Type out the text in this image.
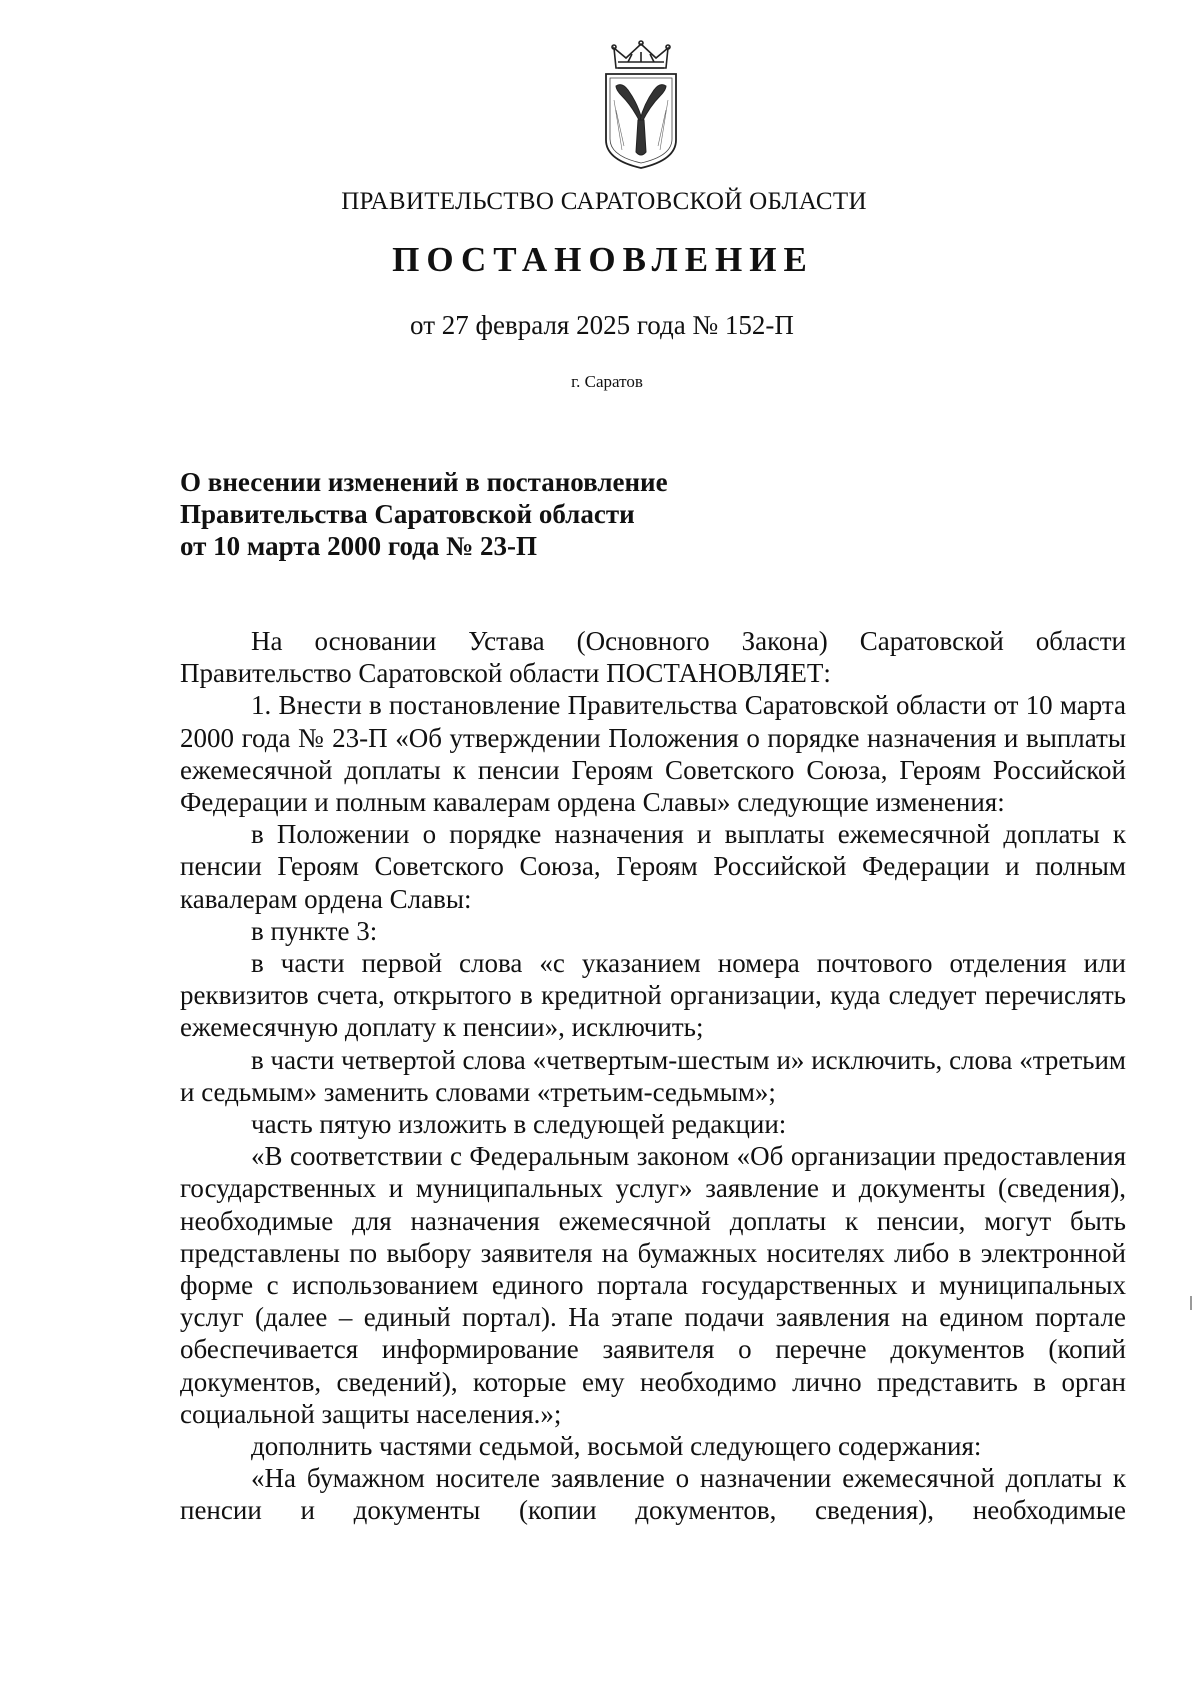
ПРАВИТЕЛЬСТВО САРАТОВСКОЙ ОБЛАСТИ
ПОСТАНОВЛЕНИЕ
от 27 февраля 2025 года № 152-П
г. Саратов
О внесении изменений в постановление
Правительства Саратовской области
от 10 марта 2000 года № 23-П

На основании Устава (Основного Закона) Саратовской области Правительство Саратовской области ПОСТАНОВЛЯЕТ:

1. Внести в постановление Правительства Саратовской области от 10 марта 2000 года № 23-П «Об утверждении Положения о порядке назначения и выплаты ежемесячной доплаты к пенсии Героям Советского Союза, Героям Российской Федерации и полным кавалерам ордена Славы» следующие изменения:

в Положении о порядке назначения и выплаты ежемесячной доплаты к пенсии Героям Советского Союза, Героям Российской Федерации и полным кавалерам ордена Славы:

в пункте 3:

в части первой слова «с указанием номера почтового отделения или реквизитов счета, открытого в кредитной организации, куда следует перечислять ежемесячную доплату к пенсии», исключить;

в части четвертой слова «четвертым-шестым и» исключить, слова «третьим и седьмым» заменить словами «третьим-седьмым»;

часть пятую изложить в следующей редакции:

«В соответствии с Федеральным законом «Об организации предоставления государственных и муниципальных услуг» заявление и документы (сведения), необходимые для назначения ежемесячной доплаты к пенсии, могут быть представлены по выбору заявителя на бумажных носителях либо в электронной форме с использованием единого портала государственных и муниципальных услуг (далее – единый портал). На этапе подачи заявления на едином портале обеспечивается информирование заявителя о перечне документов (копий документов, сведений), которые ему необходимо лично представить в орган социальной защиты населения.»;

дополнить частями седьмой, восьмой следующего содержания:

«На бумажном носителе заявление о назначении ежемесячной доплаты к пенсии и документы (копии документов, сведения), необходимые
